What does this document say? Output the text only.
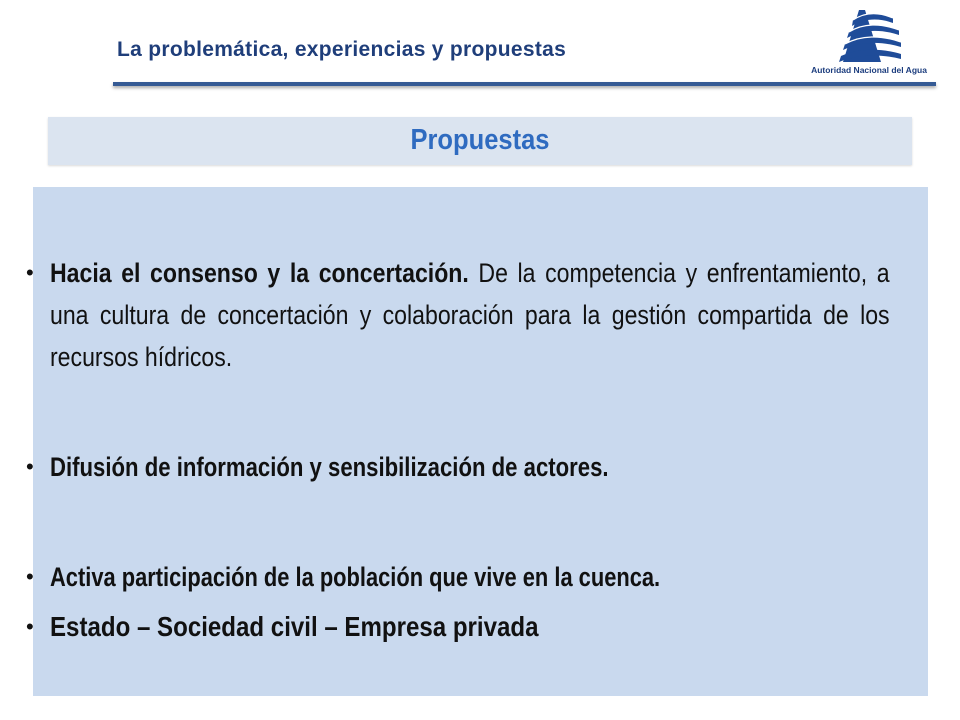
La problemática, experiencias y propuestas
Autoridad Nacional del Agua
Propuestas
• Hacia el consenso y la concertación. De la competencia y enfrentamiento, a una cultura de concertación y colaboración para la gestión compartida de los recursos hídricos.
• Difusión de información y sensibilización de actores.
• Activa participación de la población que vive en la cuenca.
• Estado – Sociedad civil – Empresa privada
